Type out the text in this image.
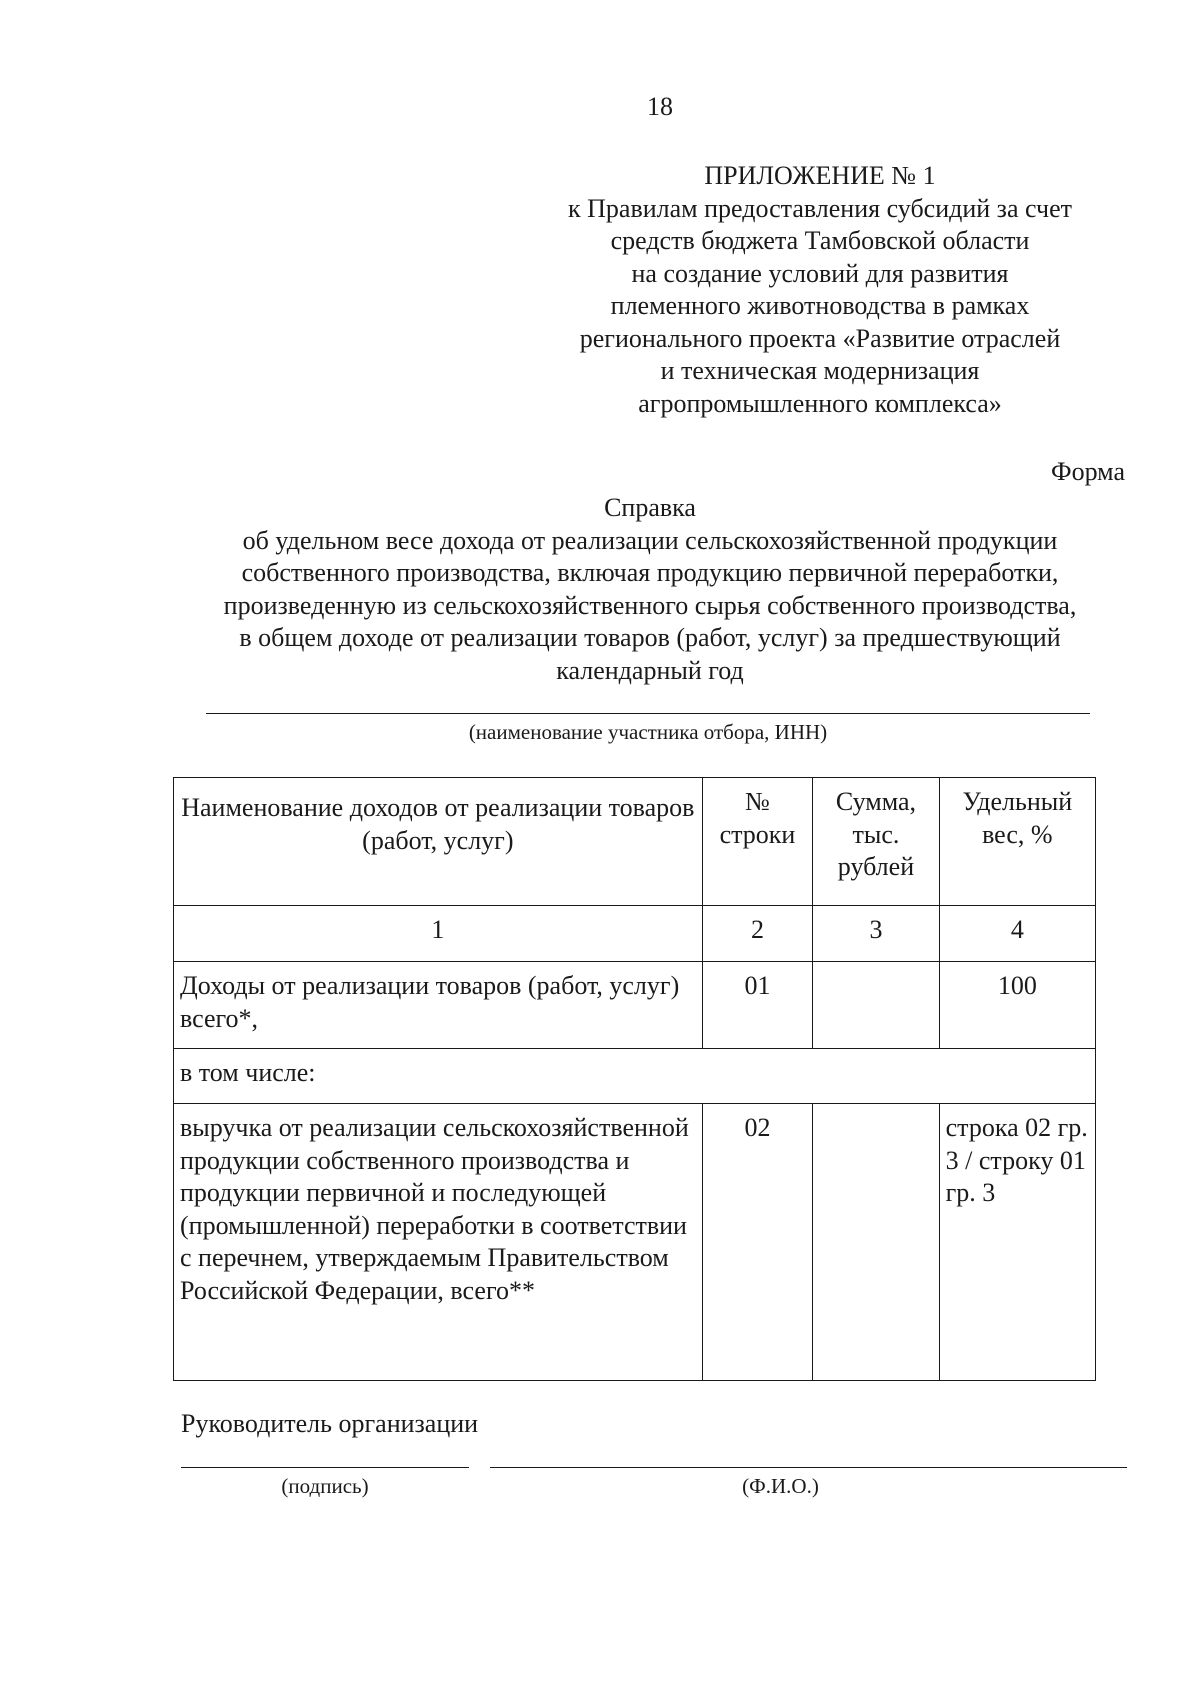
18
ПРИЛОЖЕНИЕ № 1
к Правилам предоставления субсидий за счет
средств бюджета Тамбовской области
на создание условий для развития
племенного животноводства в рамках
регионального проекта «Развитие отраслей
и техническая модернизация
агропромышленного комплекса»
Форма
Справка
об удельном весе дохода от реализации сельскохозяйственной продукции
собственного производства, включая продукцию первичной переработки,
произведенную из сельскохозяйственного сырья собственного производства,
в общем доходе от реализации товаров (работ, услуг) за предшествующий
календарный год
(наименование участника отбора, ИНН)
Наименование доходов от реализации товаров (работ, услуг)	№ строки	Сумма, тыс. рублей	Удельный вес, %
1	2	3	4
Доходы от реализации товаров (работ, услуг) всего*,	01		100
в том числе:			
выручка от реализации сельскохозяйственной продукции собственного производства и продукции первичной и последующей (промышленной) переработки в соответствии с перечнем, утверждаемым Правительством Российской Федерации, всего**	02		строка 02 гр. 3 / строку 01 гр. 3
Руководитель организации
(подпись)	(Ф.И.О.)
